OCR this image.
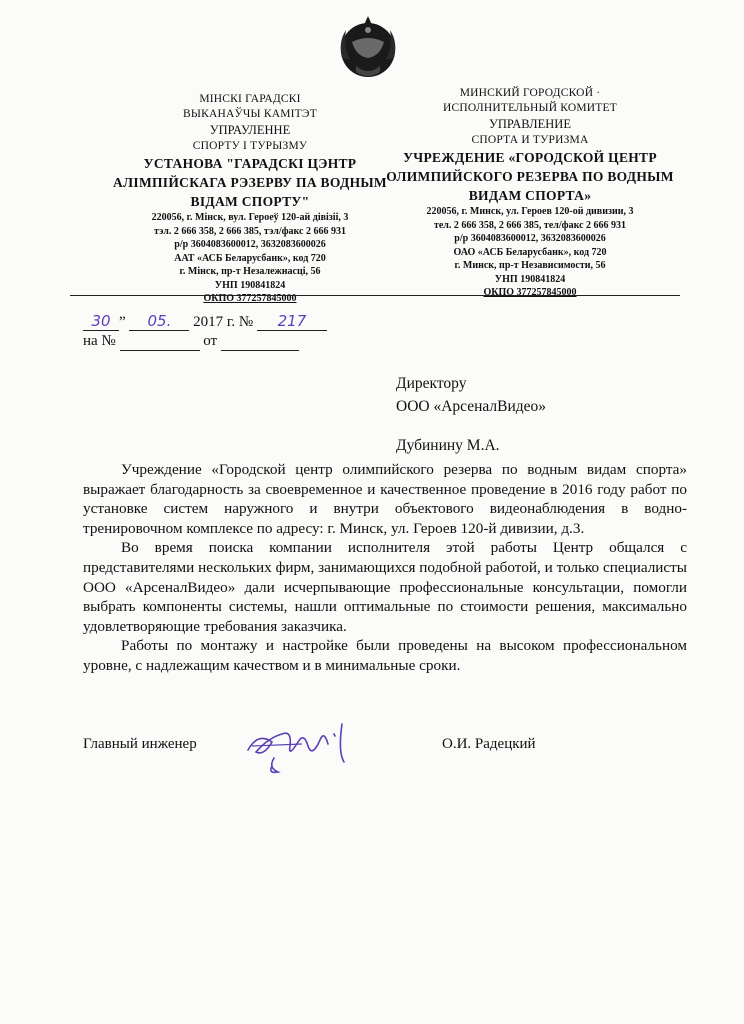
МІНСКІ ГАРАДСКІ
ВЫКАНАЎЧЫ КАМІТЭТ
УПРАУЛЕННЕ
СПОРТУ І ТУРЫЗМУ
УСТАНОВА "ГАРАДСКІ ЦЭНТР
АЛІМПІЙСКАГА РЭЗЕРВУ ПА ВОДНЫМ
ВІДАМ СПОРТУ"
220056, г. Мінск, вул. Героеў 120-ай дівізіі, 3
тэл. 2 666 358, 2 666 385, тэл/факс 2 666 931
р/р 3604083600012, 3632083600026
ААТ «АСБ Беларусбанк», код 720
г. Мінск, пр-т Незалежнасці, 56
УНП 190841824
ОКПО 377257845000
МИНСКИЙ ГОРОДСКОЙ ·
ИСПОЛНИТЕЛЬНЫЙ КОМИТЕТ
УПРАВЛЕНИЕ
СПОРТА И ТУРИЗМА
УЧРЕЖДЕНИЕ «ГОРОДСКОЙ ЦЕНТР
ОЛИМПИЙСКОГО РЕЗЕРВА ПО ВОДНЫМ
ВИДАМ СПОРТА»
220056, г. Минск, ул. Героев 120-ой дивизии, 3
тел. 2 666 358, 2 666 385, тел/факс 2 666 931
р/р 3604083600012, 3632083600026
ОАО «АСБ Беларусбанк», код 720
г. Минск, пр-т Независимости, 56
УНП 190841824
ОКПО 377257845000
30 ” 05. 2017 г. № 217
на №	от
Директору
ООО «АрсеналВидео»
Дубинину М.А.

Учреждение «Городской центр олимпийского резерва по водным видам спорта» выражает благодарность за своевременное и качественное проведение в 2016 году работ по установке систем наружного и внутри объектового видеонаблюдения в водно-тренировочном комплексе по адресу: г. Минск, ул. Героев 120-й дивизии, д.3.

Во время поиска компании исполнителя этой работы Центр общался с представителями нескольких фирм, занимающихся подобной работой, и только специалисты ООО «АрсеналВидео» дали исчерпывающие профессиональные консультации, помогли выбрать компоненты системы, нашли оптимальные по стоимости решения, максимально удовлетворяющие требования заказчика.

Работы по монтажу и настройке были проведены на высоком профессиональном уровне, с надлежащим качеством и в минимальные сроки.

Главный инженер	О.И. Радецкий
